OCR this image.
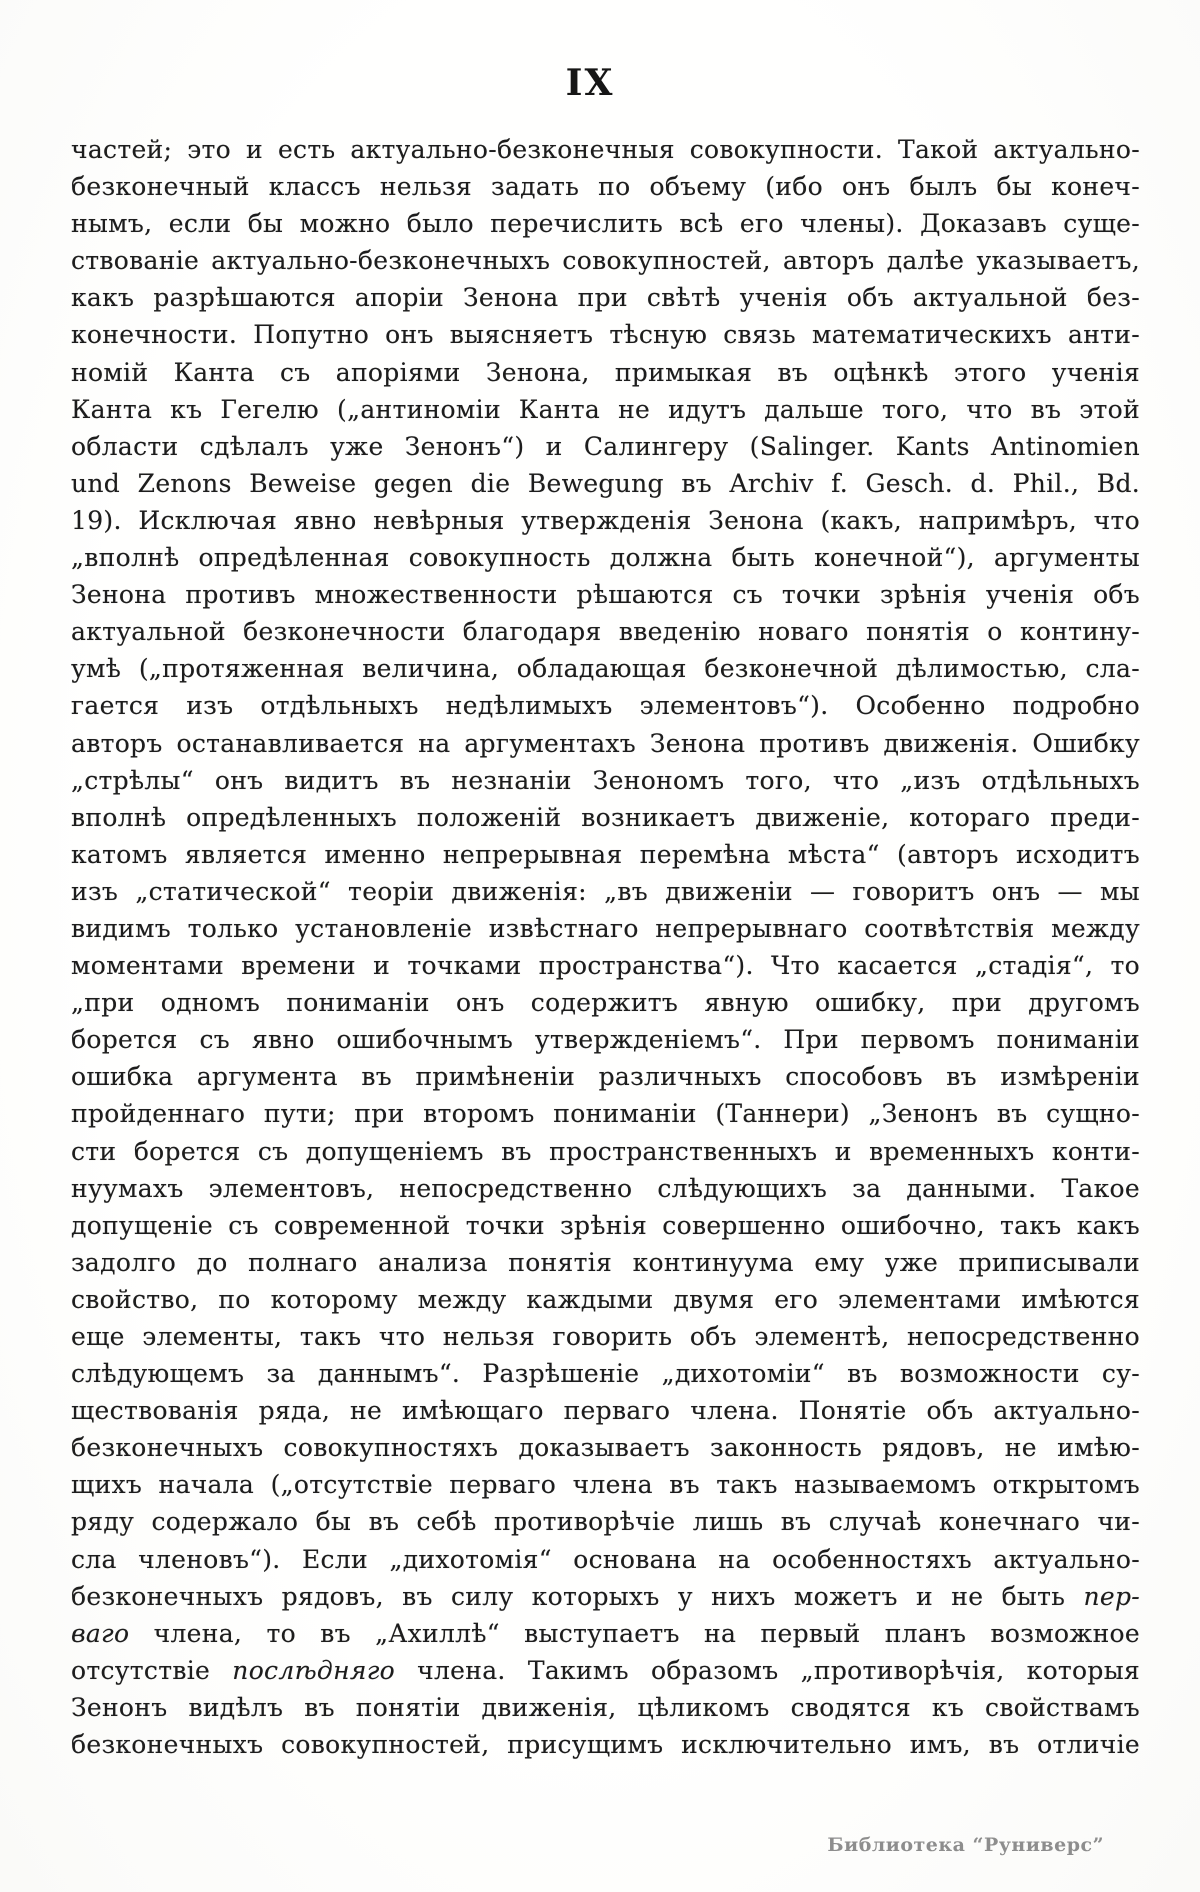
IX
частей; это и есть актуально-безконечныя совокупности. Такой актуально-
безконечный классъ нельзя задать по объему (ибо онъ былъ бы конеч-
нымъ, если бы можно было перечислить всѣ его члены). Доказавъ суще-
ствованіе актуально-безконечныхъ совокупностей, авторъ далѣе указываетъ,
какъ разрѣшаются апоріи Зенона при свѣтѣ ученія объ актуальной без-
конечности. Попутно онъ выясняетъ тѣсную связь математическихъ анти-
номій Канта съ апоріями Зенона, примыкая въ оцѣнкѣ этого ученія
Канта къ Гегелю („антиноміи Канта не идутъ дальше того, что въ этой
области сдѣлалъ уже Зенонъ“) и Салингеру (Salinger. Kants Antinomien
und Zenons Beweise gegen die Bewegung въ Archiv f. Gesch. d. Phil., Bd.
19). Исключая явно невѣрныя утвержденія Зенона (какъ, напримѣръ, что
„вполнѣ опредѣленная совокупность должна быть конечной“), аргументы
Зенона противъ множественности рѣшаются съ точки зрѣнія ученія объ
актуальной безконечности благодаря введенію новаго понятія о контину-
умѣ („протяженная величина, обладающая безконечной дѣлимостью, сла-
гается изъ отдѣльныхъ недѣлимыхъ элементовъ“). Особенно подробно
авторъ останавливается на аргументахъ Зенона противъ движенія. Ошибку
„стрѣлы“ онъ видитъ въ незнаніи Зенономъ того, что „изъ отдѣльныхъ
вполнѣ опредѣленныхъ положеній возникаетъ движеніе, котораго преди-
катомъ является именно непрерывная перемѣна мѣста“ (авторъ исходитъ
изъ „статической“ теоріи движенія: „въ движеніи — говоритъ онъ — мы
видимъ только установленіе извѣстнаго непрерывнаго соотвѣтствія между
моментами времени и точками пространства“). Что касается „стадія“, то
„при одномъ пониманіи онъ содержитъ явную ошибку, при другомъ
борется съ явно ошибочнымъ утвержденіемъ“. При первомъ пониманіи
ошибка аргумента въ примѣненіи различныхъ способовъ въ измѣреніи
пройденнаго пути; при второмъ пониманіи (Таннери) „Зенонъ въ сущно-
сти борется съ допущеніемъ въ пространственныхъ и временныхъ конти-
нуумахъ элементовъ, непосредственно слѣдующихъ за данными. Такое
допущеніе съ современной точки зрѣнія совершенно ошибочно, такъ какъ
задолго до полнаго анализа понятія континуума ему уже приписывали
свойство, по которому между каждыми двумя его элементами имѣются
еще элементы, такъ что нельзя говорить объ элементѣ, непосредственно
слѣдующемъ за даннымъ“. Разрѣшеніе „дихотоміи“ въ возможности су-
ществованія ряда, не имѣющаго перваго члена. Понятіе объ актуально-
безконечныхъ совокупностяхъ доказываетъ законность рядовъ, не имѣю-
щихъ начала („отсутствіе перваго члена въ такъ называемомъ открытомъ
ряду содержало бы въ себѣ противорѣчіе лишь въ случаѣ конечнаго чи-
сла членовъ“). Если „дихотомія“ основана на особенностяхъ актуально-
безконечныхъ рядовъ, въ силу которыхъ у нихъ можетъ и не быть пер-
ваго члена, то въ „Ахиллѣ“ выступаетъ на первый планъ возможное
отсутствіе послѣдняго члена. Такимъ образомъ „противорѣчія, которыя
Зенонъ видѣлъ въ понятіи движенія, цѣликомъ сводятся къ свойствамъ
безконечныхъ совокупностей, присущимъ исключительно имъ, въ отличіе
Библиотека “Руниверс”
